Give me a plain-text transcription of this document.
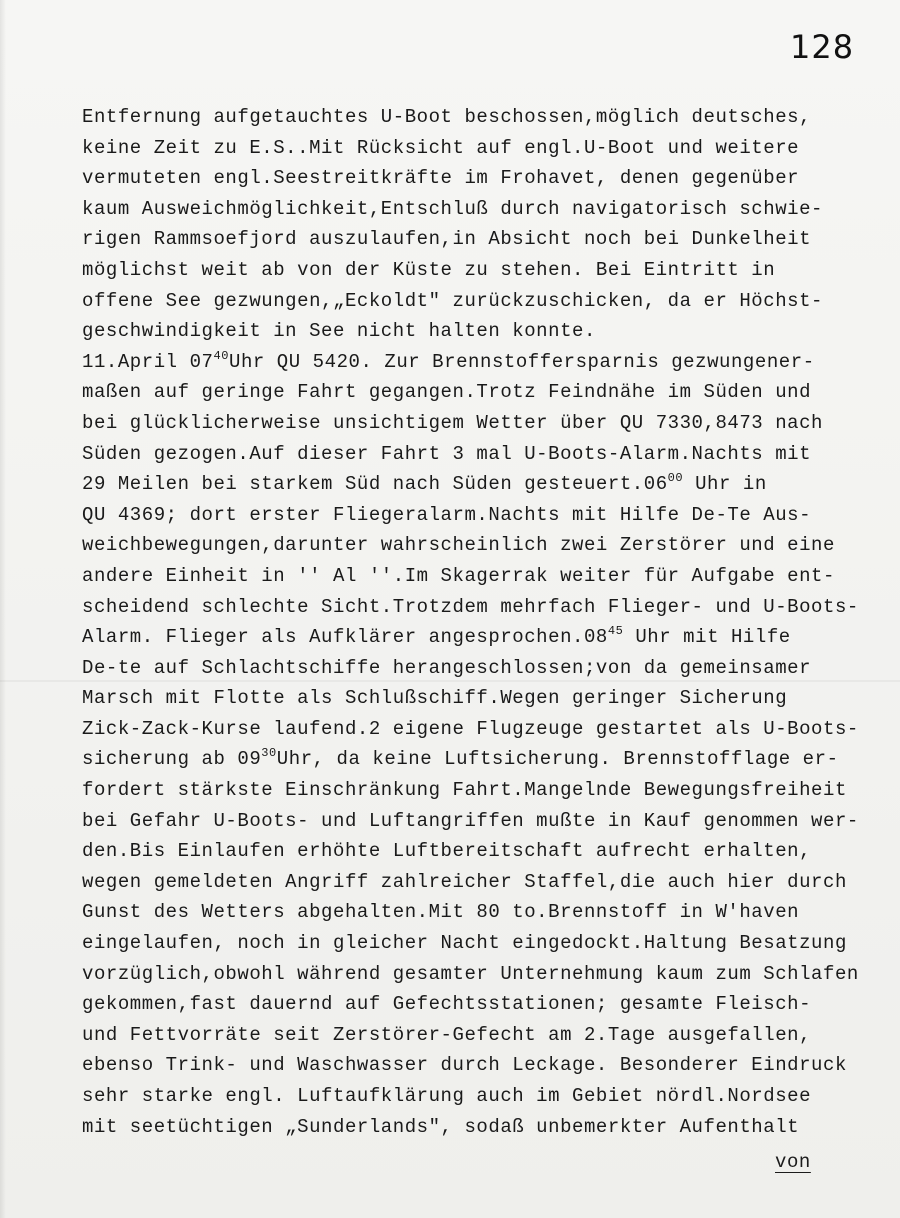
128
Entfernung aufgetauchtes U-Boot beschossen,möglich deutsches,
keine Zeit zu E.S..Mit Rücksicht auf engl.U-Boot und weitere
vermuteten engl.Seestreitkräfte im Frohavet, denen gegenüber
kaum Ausweichmöglichkeit,Entschluß durch navigatorisch schwie-
rigen Rammsoefjord auszulaufen,in Absicht noch bei Dunkelheit
möglichst weit ab von der Küste zu stehen. Bei Eintritt in
offene See gezwungen,„Eckoldt" zurückzuschicken, da er Höchst-
geschwindigkeit in See nicht halten konnte.
11.April $07^{40}Uhr$ QU 5420. Zur Brennstoffersparnis gezwungener-
maßen auf geringe Fahrt gegangen.Trotz Feindnähe im Süden und
bei glücklicherweise unsichtigem Wetter über QU 7330,8473 nach
Süden gezogen.Auf dieser Fahrt 3 mal U-Boots-Alarm.Nachts mit
29 Meilen bei starkem Süd nach Süden $gesteuert.06^{00}$ Uhr in
QU 4369; dort erster Fliegeralarm.Nachts mit Hilfe De-Te Aus-
weichbewegungen,darunter wahrscheinlich zwei Zerstörer und eine
andere Einheit in '' Al ''.Im Skagerrak weiter für Aufgabe ent-
scheidend schlechte Sicht.Trotzdem mehrfach Flieger- und U-Boots-
Alarm. Flieger als Aufklärer $angesprochen.08^{45}$ Uhr mit Hilfe
De-te auf Schlachtschiffe herangeschlossen;von da gemeinsamer
Marsch mit Flotte als Schlußschiff.Wegen geringer Sicherung
Zick-Zack-Kurse laufend.2 eigene Flugzeuge gestartet als U-Boots-
sicherung ab $09^{30}Uhr$, da keine Luftsicherung. Brennstofflage er-
fordert stärkste Einschränkung Fahrt.Mangelnde Bewegungsfreiheit
bei Gefahr U-Boots- und Luftangriffen mußte in Kauf genommen wer-
den.Bis Einlaufen erhöhte Luftbereitschaft aufrecht erhalten,
wegen gemeldeten Angriff zahlreicher Staffel,die auch hier durch
Gunst des Wetters abgehalten.Mit 80 to.Brennstoff in W'haven
eingelaufen, noch in gleicher Nacht eingedockt.Haltung Besatzung
vorzüglich,obwohl während gesamter Unternehmung kaum zum Schlafen
gekommen,fast dauernd auf Gefechtsstationen; gesamte Fleisch-
und Fettvorräte seit Zerstörer-Gefecht am 2.Tage ausgefallen,
ebenso Trink- und Waschwasser durch Leckage. Besonderer Eindruck
sehr starke engl. Luftaufklärung auch im Gebiet nördl.Nordsee
mit seetüchtigen „Sunderlands", sodaß unbemerkter Aufenthalt
von
